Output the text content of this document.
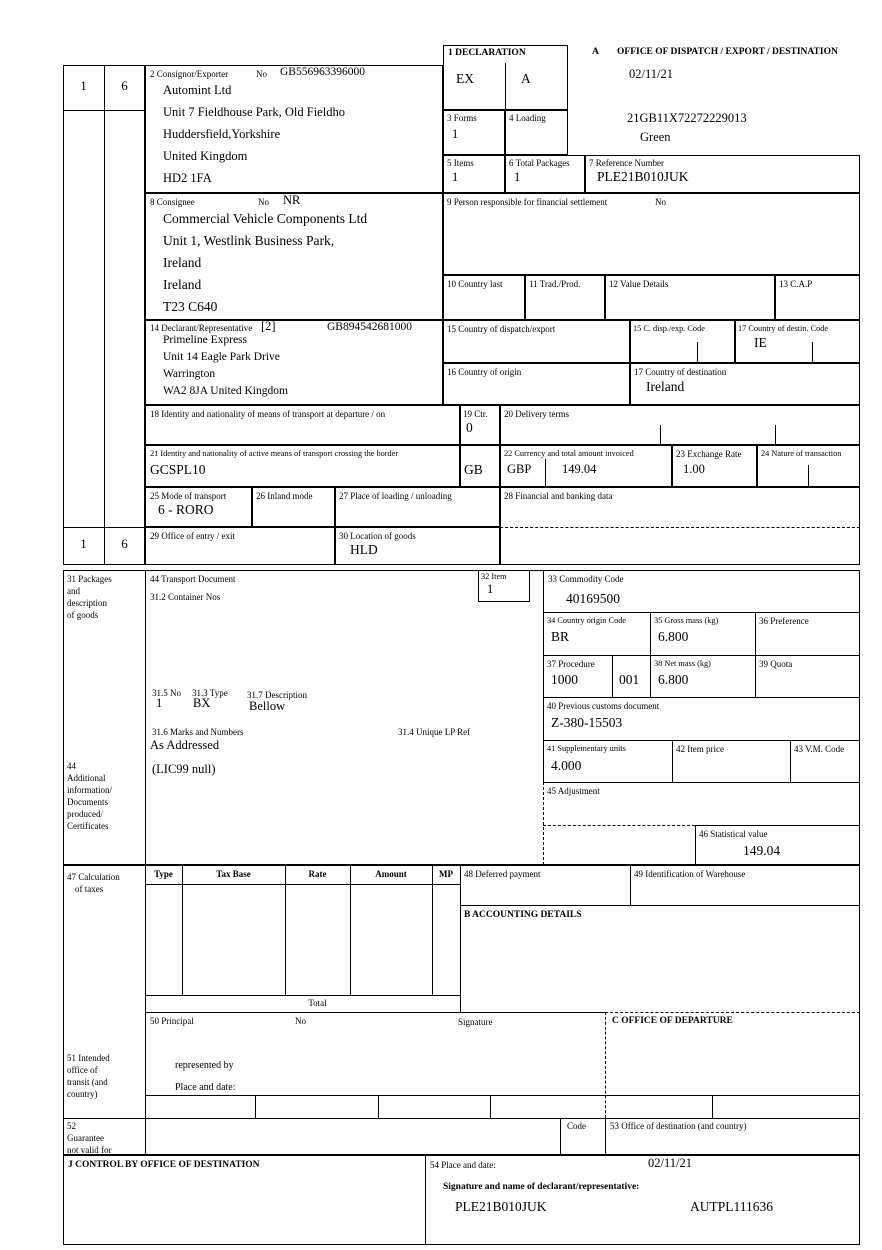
1	6
1	6
1 DECLARATION
EX	A
A OFFICE OF DISPATCH / EXPORT / DESTINATION
02/11/21
2 Consignor/Exporter	No GB556963396000
Automint Ltd
Unit 7 Fieldhouse Park, Old Fieldho
Huddersfield,Yorkshire
United Kingdom
HD2 1FA
3 Forms
1
4 Loading	21GB11X72272229013
Green
5 Items
1
6 Total Packages
1
7 Reference Number
PLE21B010JUK
8 Consignee	No NR
Commercial Vehicle Components Ltd
Unit 1, Westlink Business Park,
Ireland
Ireland
T23 C640
9 Person responsible for financial settlement	No
10 Country last	11 Trad./Prod.	12 Value Details	13 C.A.P
14 Declarant/Representative [2]	GB894542681000
Primeline Express
Unit 14 Eagle Park Drive
Warrington
WA2 8JA United Kingdom
15 Country of dispatch/export	15 C. disp./exp. Code	17 Country of destin. Code
IE
16 Country of origin	17 Country of destination
Ireland
18 Identity and nationality of means of transport at departure / on	19 Ctr.
0
20 Delivery terms
21 Identity and nationality of active means of transport crossing the border
GCSPL10	GB
22 Currency and total amount invoiced
GBP 149.04
23 Exchange Rate
1.00
24 Nature of transaction
25 Mode of transport
6 - RORO
26 Inland mode	27 Place of loading / unloading	28 Financial and banking data
29 Office of entry / exit	30 Location of goods
HLD
31 Packages
and
description
of goods
44 Transport Document
31.2 Container Nos
32 Item
1
33 Commodity Code
40169500
34 Country origin Code
BR
35 Gross mass (kg)
6.800
36 Preference
37 Procedure
1000	001
38 Net mass (kg)
6.800
39 Quota
40 Previous customs document
Z-380-15503
41 Supplementary units
4.000
42 Item price	43 V.M. Code
45 Adjustment
46 Statistical value
149.04
31.5 No 31.3 Type 31.7 Description
1 BX	Bellow
31.6 Marks and Numbers	31.4 Unique LP Ref
As Addressed
44
Additional
information/
Documents
produced/
Certificates
(LIC99 null)
47 Calculation
of taxes
Type	Tax Base	Rate	Amount	MP
Total
48 Deferred payment	49 Identification of Warehouse
B ACCOUNTING DETAILS
50 Principal	No	Signature	C OFFICE OF DEPARTURE
represented by
Place and date:
51 Intended
office of
transit (and
country)
52
Guarantee
not valid for
Code	53 Office of destination (and country)
J CONTROL BY OFFICE OF DESTINATION	54 Place and date:	02/11/21
Signature and name of declarant/representative:
PLE21B010JUK	AUTPL111636
